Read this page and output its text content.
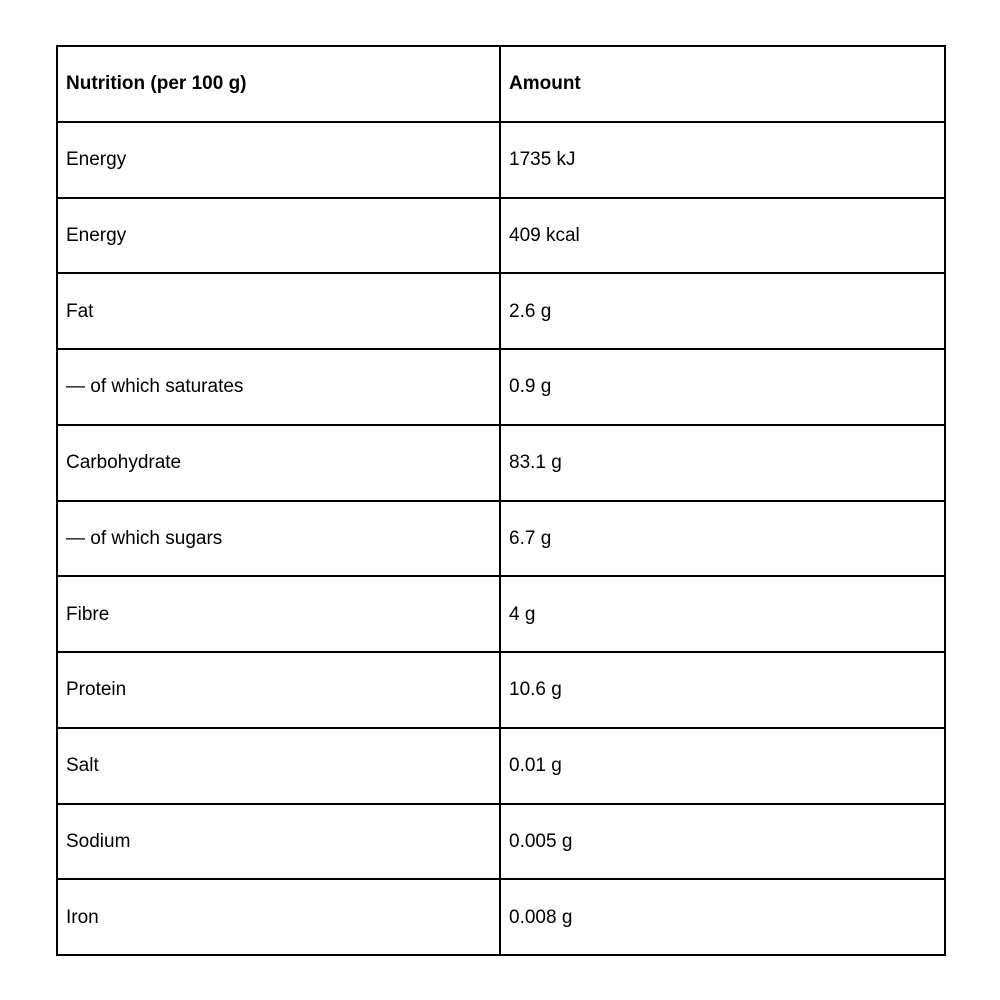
Nutrition (per 100 g)	Amount
Energy	1735 kJ
Energy	409 kcal
Fat	2.6 g
— of which saturates	0.9 g
Carbohydrate	83.1 g
— of which sugars	6.7 g
Fibre	4 g
Protein	10.6 g
Salt	0.01 g
Sodium	0.005 g
Iron	0.008 g
